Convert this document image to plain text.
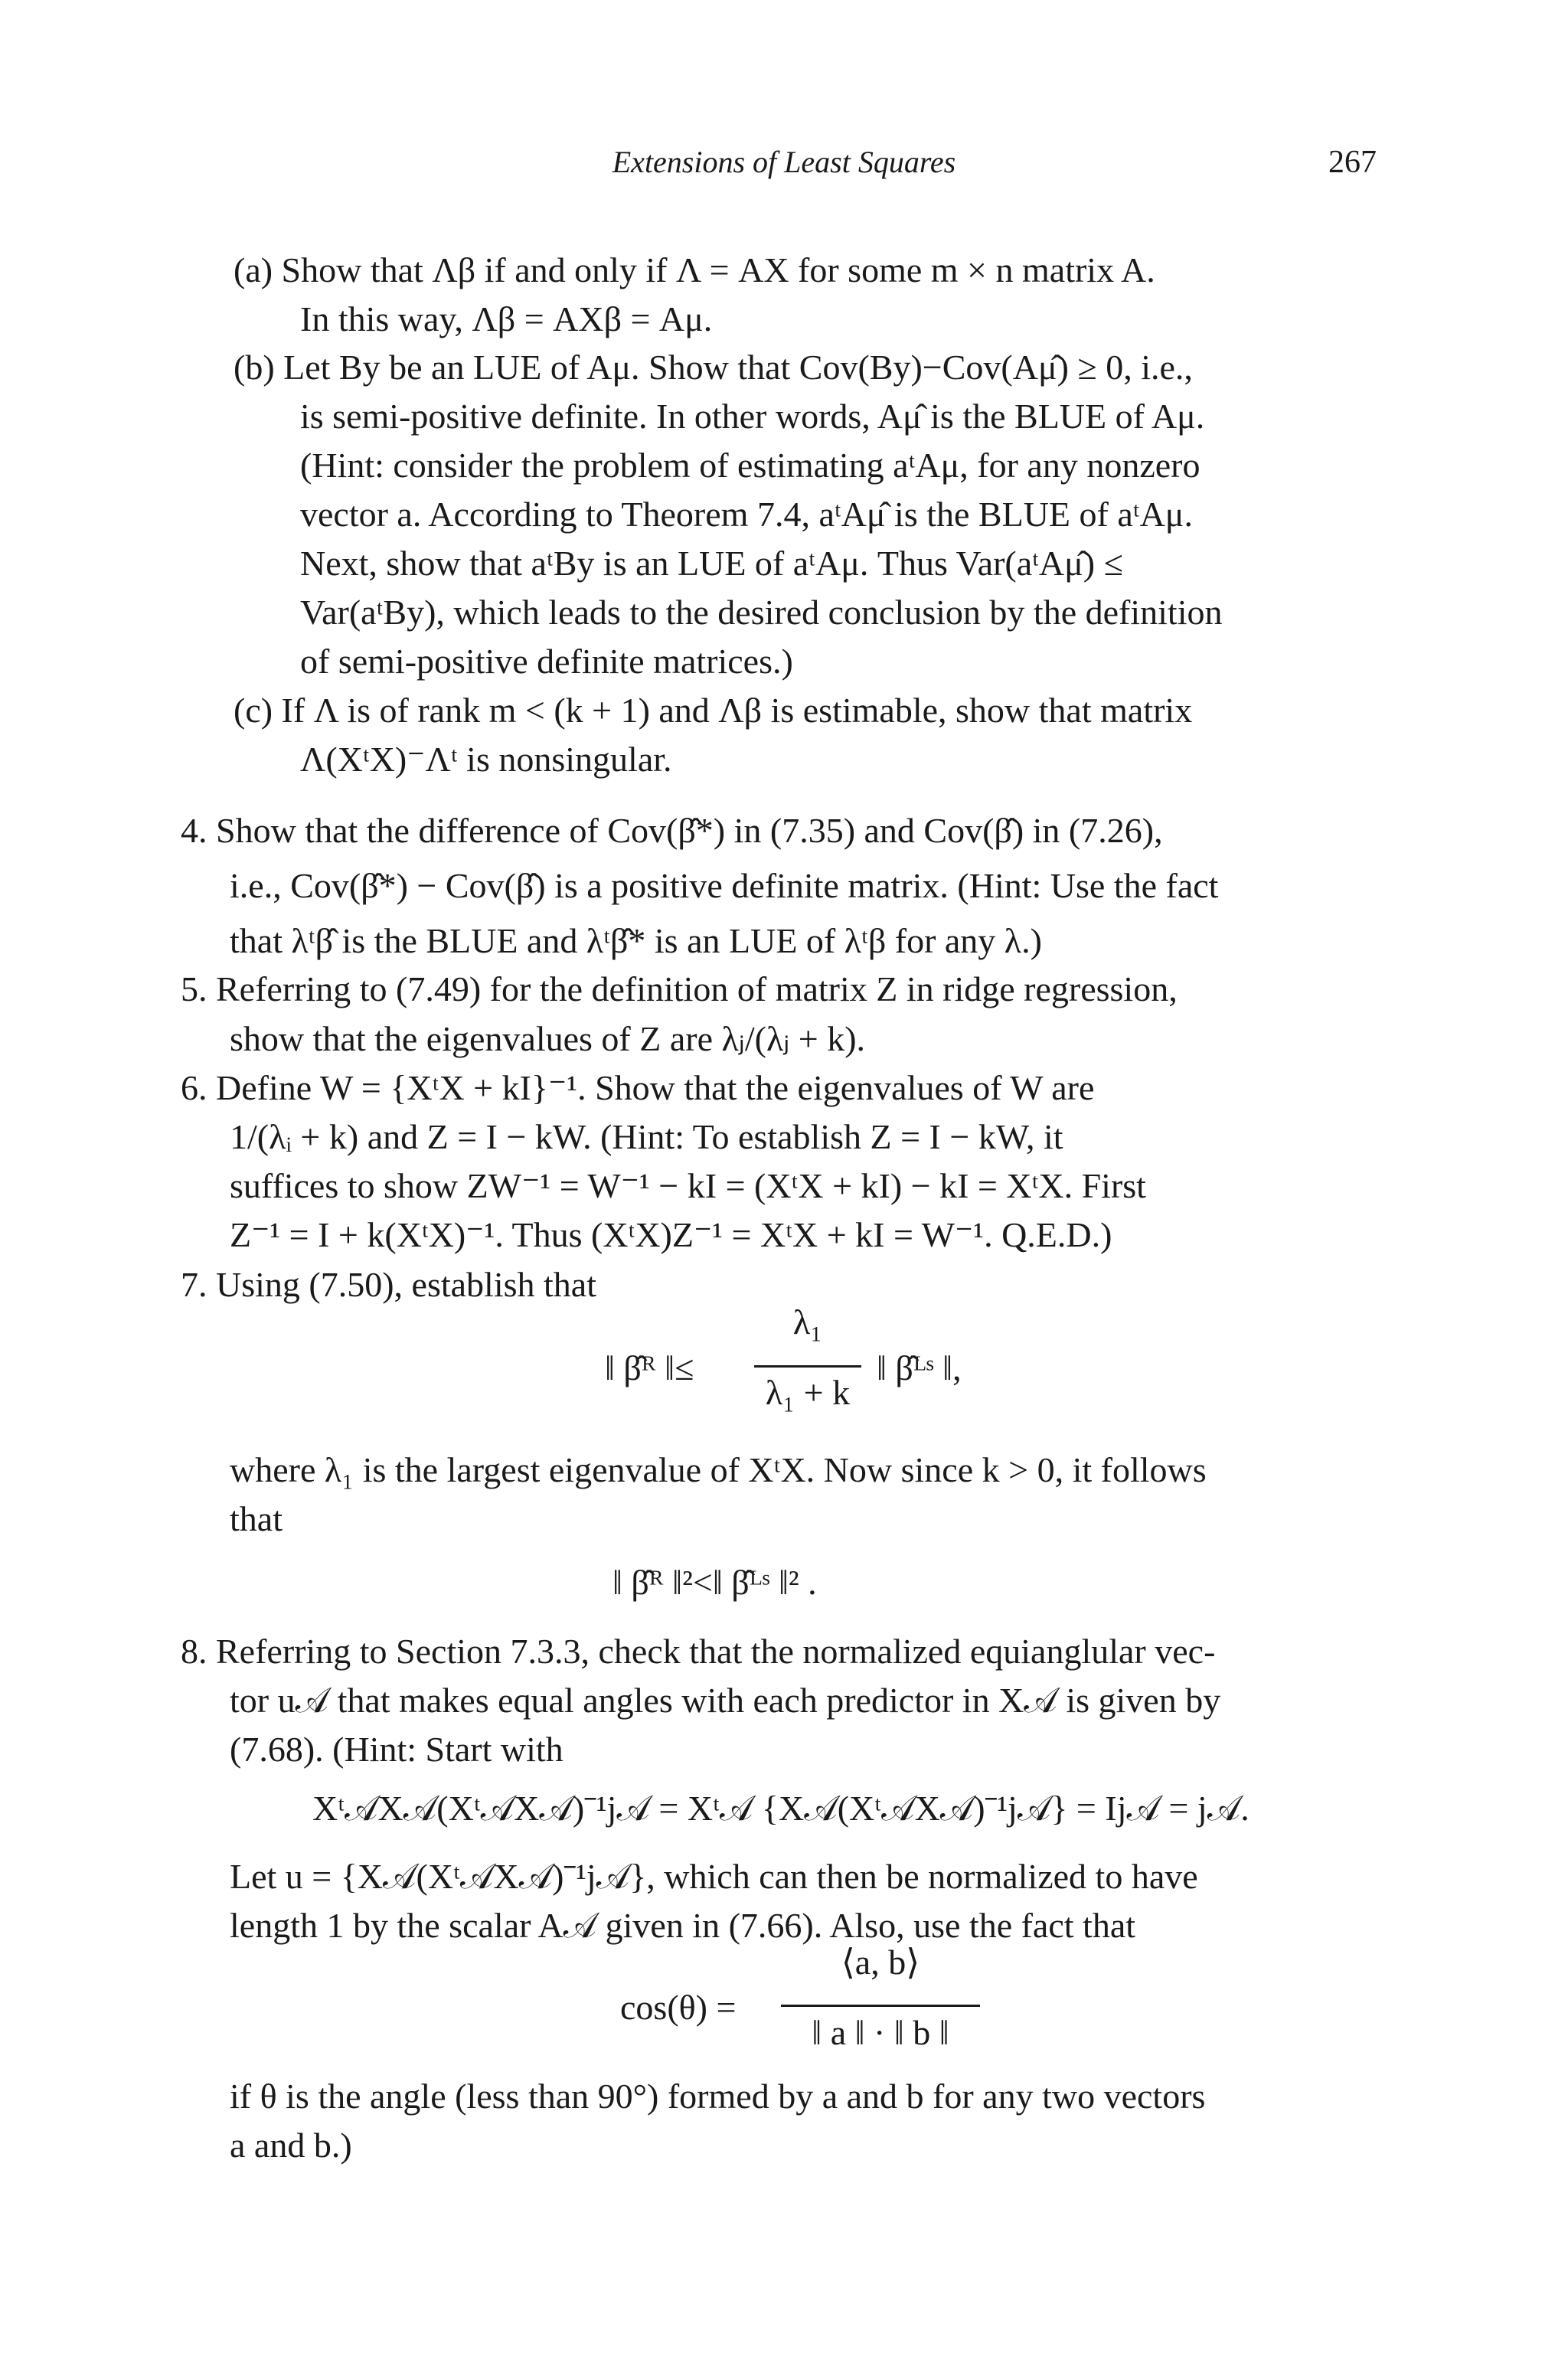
Extensions of Least Squares	267
(a) Show that Λβ if and only if Λ = AX for some m × n matrix A.
In this way, Λβ = AXβ = Aμ.
(b) Let By be an LUE of Aμ. Show that Cov(By)−Cov(Aμ̂) ≥ 0, i.e.,
is semi-positive definite. In other words, Aμ̂ is the BLUE of Aμ.
(Hint: consider the problem of estimating aᵗAμ, for any nonzero
vector a. According to Theorem 7.4, aᵗAμ̂ is the BLUE of aᵗAμ.
Next, show that aᵗBy is an LUE of aᵗAμ. Thus Var(aᵗAμ̂) ≤
Var(aᵗBy), which leads to the desired conclusion by the definition
of semi-positive definite matrices.)
(c) If Λ is of rank m < (k + 1) and Λβ is estimable, show that matrix
Λ(XᵗX)⁻Λᵗ is nonsingular.
4. Show that the difference of Cov(β̂*) in (7.35) and Cov(β̂) in (7.26),
i.e., Cov(β̂*) − Cov(β̂) is a positive definite matrix. (Hint: Use the fact
that λᵗβ̂ is the BLUE and λᵗβ̂* is an LUE of λᵗβ for any λ.)
5. Referring to (7.49) for the definition of matrix Z in ridge regression,
show that the eigenvalues of Z are λⱼ/(λⱼ + k).
6. Define W = {XᵗX + kI}⁻¹. Show that the eigenvalues of W are
1/(λᵢ + k) and Z = I − kW. (Hint: To establish Z = I − kW, it
suffices to show ZW⁻¹ = W⁻¹ − kI = (XᵗX + kI) − kI = XᵗX. First
Z⁻¹ = I + k(XᵗX)⁻¹. Thus (XᵗX)Z⁻¹ = XᵗX + kI = W⁻¹. Q.E.D.)
7. Using (7.50), establish that
‖ β̂ᴿ ‖≤
λ₁
λ₁ + k
‖ β̂ᴸˢ ‖,
where λ₁ is the largest eigenvalue of XᵗX. Now since k > 0, it follows
that
‖ β̂ᴿ ‖²<‖ β̂ᴸˢ ‖² .
8. Referring to Section 7.3.3, check that the normalized equianglular vec-
tor u𝒜 that makes equal angles with each predictor in X𝒜 is given by
(7.68). (Hint: Start with
Xᵗ𝒜X𝒜(Xᵗ𝒜X𝒜)⁻¹j𝒜 = Xᵗ𝒜 {X𝒜(Xᵗ𝒜X𝒜)⁻¹j𝒜} = Ij𝒜 = j𝒜.
Let u = {X𝒜(Xᵗ𝒜X𝒜)⁻¹j𝒜}, which can then be normalized to have
length 1 by the scalar A𝒜 given in (7.66). Also, use the fact that
cos(θ) =
⟨a, b⟩
‖ a ‖ · ‖ b ‖
if θ is the angle (less than 90°) formed by a and b for any two vectors
a and b.)
